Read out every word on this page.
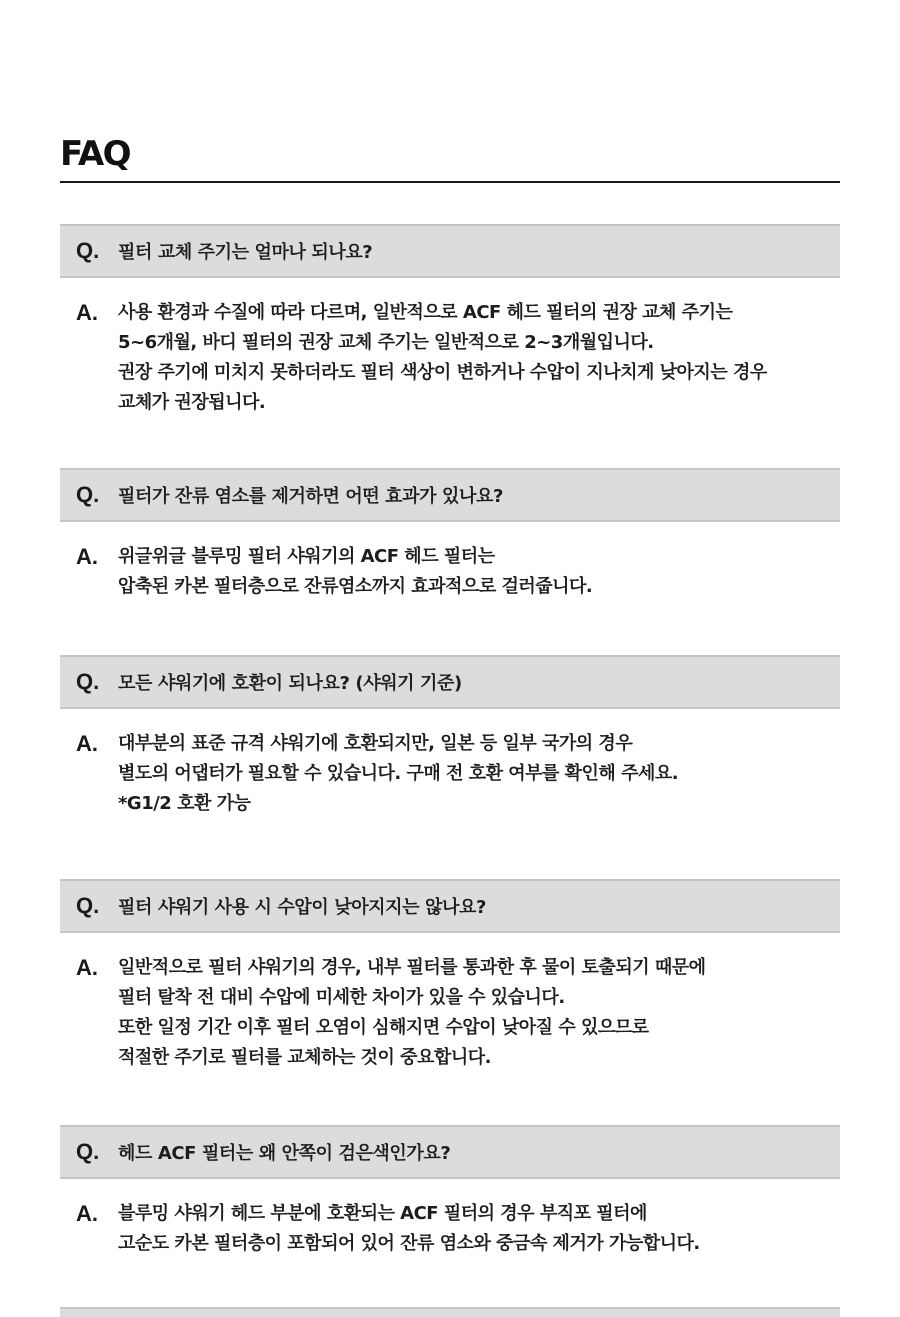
FAQ
Q.	필터 교체 주기는 얼마나 되나요?
A.	사용 환경과 수질에 따라 다르며, 일반적으로 ACF 헤드 필터의 권장 교체 주기는
5~6개월, 바디 필터의 권장 교체 주기는 일반적으로 2~3개월입니다.
권장 주기에 미치지 못하더라도 필터 색상이 변하거나 수압이 지나치게 낮아지는 경우
교체가 권장됩니다.
Q.	필터가 잔류 염소를 제거하면 어떤 효과가 있나요?
A.	위글위글 블루밍 필터 샤워기의 ACF 헤드 필터는
압축된 카본 필터층으로 잔류염소까지 효과적으로 걸러줍니다.
Q.	모든 샤워기에 호환이 되나요? (샤워기 기준)
A.	대부분의 표준 규격 샤워기에 호환되지만, 일본 등 일부 국가의 경우
별도의 어댑터가 필요할 수 있습니다. 구매 전 호환 여부를 확인해 주세요.
*G1/2 호환 가능
Q.	필터 샤워기 사용 시 수압이 낮아지지는 않나요?
A.	일반적으로 필터 샤워기의 경우, 내부 필터를 통과한 후 물이 토출되기 때문에
필터 탈착 전 대비 수압에 미세한 차이가 있을 수 있습니다.
또한 일정 기간 이후 필터 오염이 심해지면 수압이 낮아질 수 있으므로
적절한 주기로 필터를 교체하는 것이 중요합니다.
Q.	헤드 ACF 필터는 왜 안쪽이 검은색인가요?
A.	블루밍 샤워기 헤드 부분에 호환되는 ACF 필터의 경우 부직포 필터에
고순도 카본 필터층이 포함되어 있어 잔류 염소와 중금속 제거가 가능합니다.
